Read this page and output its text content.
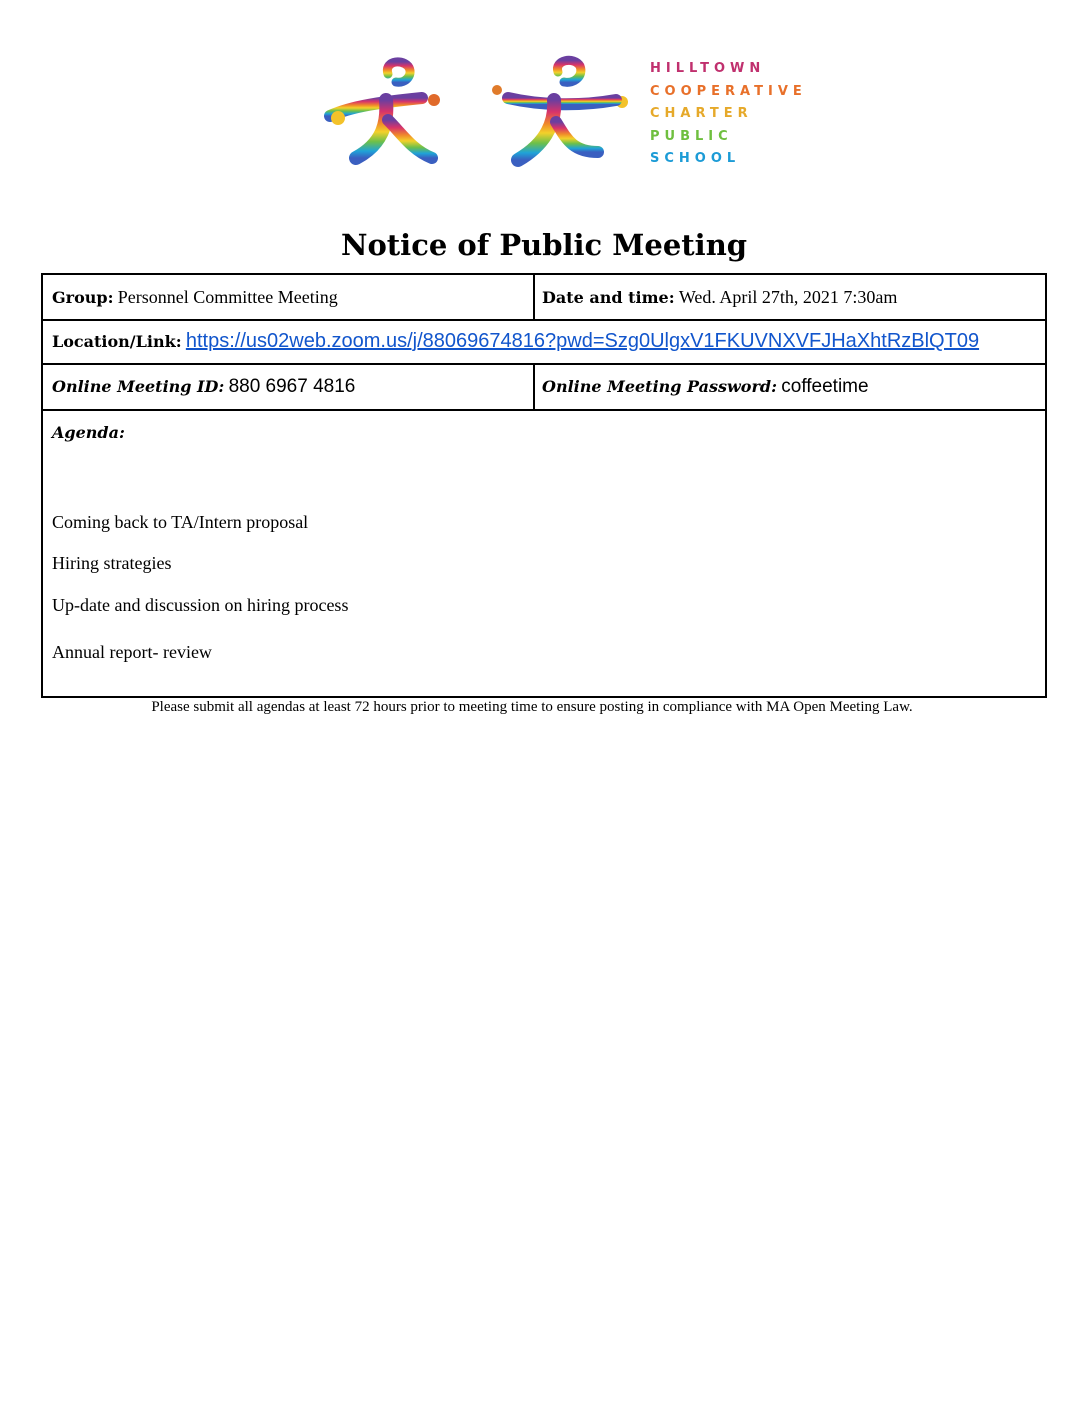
HILLTOWN
COOPERATIVE
CHARTER
PUBLIC
SCHOOL
Notice of Public Meeting
Group: Personnel Committee Meeting	Date and time: Wed. April 27th, 2021 7:30am
Location/Link: https://us02web.zoom.us/j/88069674816?pwd=Szg0UlgxV1FKUVNXVFJHaXhtRzBlQT09
Online Meeting ID: 880 6967 4816	Online Meeting Password: coffeetime
Agenda:
Coming back to TA/Intern proposal
Hiring strategies
Up-date and discussion on hiring process
Annual report- review
Please submit all agendas at least 72 hours prior to meeting time to ensure posting in compliance with MA Open Meeting Law.
